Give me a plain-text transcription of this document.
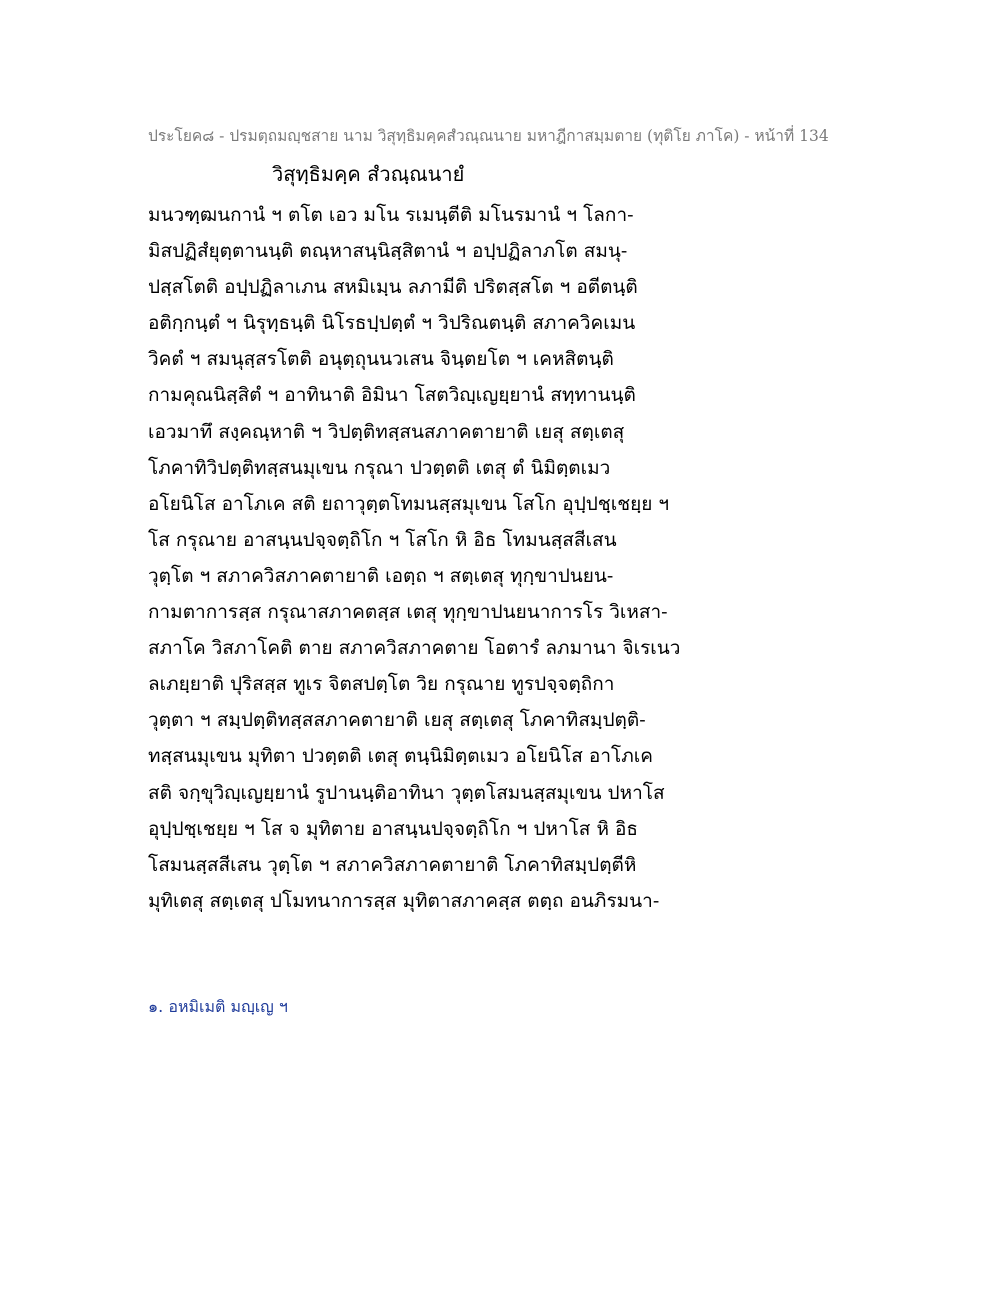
ประโยค๘ - ปรมตฺถมญฺชสาย นาม วิสุทฺธิมคฺคสํวณฺณนาย มหาฎีกาสมฺมตาย (ทุติโย ภาโค) - หน้าที่ 134
วิสุทฺธิมคฺค สํวณฺณนายํ
มนวฑฺฒนกานํ ฯ ตโต เอว มโน รเมนฺตีติ มโนรมานํ ฯ โลกา-
มิสปฏิสํยุตฺตานนฺติ ตณฺหาสนฺนิสฺสิตานํ ฯ อปฺปฏิลาภโต สมนุ-
ปสฺสโตติ อปฺปฏิลาเภน สหมิเมฺน ลภามีติ ปริตสฺสโต ฯ อตีตนฺติ
อติกฺกนฺตํ ฯ นิรุทฺธนฺติ นิโรธปฺปตฺตํ ฯ วิปริณตนฺติ สภาควิคเมน
วิคตํ ฯ สมนุสฺสรโตติ อนุตฺถุนนวเสน จินฺตยโต ฯ เคหสิตนฺติ
กามคุณนิสฺสิตํ ฯ อาทินาติ อิมินา โสตวิญฺเญยฺยานํ สทฺทานนฺติ
เอวมาทึ สงฺคณฺหาติ ฯ วิปตฺติทสฺสนสภาคตายาติ เยสุ สตฺเตสุ
โภคาทิวิปตฺติทสฺสนมุเขน กรุณา ปวตฺตติ เตสุ ตํ นิมิตฺตเมว
อโยนิโส อาโภเค สติ ยถาวุตฺตโทมนสฺสมุเขน โสโก อุปฺปชฺเชยฺย ฯ
โส กรุณาย อาสนฺนปจฺจตฺถิโก ฯ โสโก หิ อิธ โทมนสฺสสีเสน
วุตฺโต ฯ สภาควิสภาคตายาติ เอตฺถ ฯ สตฺเตสุ ทุกฺขาปนยน-
กามตาการสฺส กรุณาสภาคตสฺส เตสุ ทุกฺขาปนยนาการโร วิเหสา-
สภาโค วิสภาโคติ ตาย สภาควิสภาคตาย โอตารํ ลภมานา จิเรเนว
ลเภยฺยาติ ปุริสสฺส ทูเร จิตสปตฺโต วิย กรุณาย ทูรปจฺจตฺถิกา
วุตฺตา ฯ สมฺปตฺติทสฺสสภาคตายาติ เยสุ สตฺเตสุ โภคาทิสมฺปตฺติ-
ทสฺสนมุเขน มุทิตา ปวตฺตติ เตสุ ตนฺนิมิตฺตเมว อโยนิโส อาโภเค
สติ จกฺขุวิญฺเญยฺยานํ รูปานนฺติอาทินา วุตฺตโสมนสฺสมุเขน ปหาโส
อุปฺปชฺเชยฺย ฯ โส จ มุทิตาย อาสนฺนปจฺจตฺถิโก ฯ ปหาโส หิ อิธ
โสมนสฺสสีเสน วุตฺโต ฯ สภาควิสภาคตายาติ โภคาทิสมฺปตฺตีหิ
มุทิเตสุ สตฺเตสุ ปโมทนาการสฺส มุทิตาสภาคสฺส ตตฺถ อนภิรมนา-
๑. อหมิเมติ มญฺเญ ฯ
